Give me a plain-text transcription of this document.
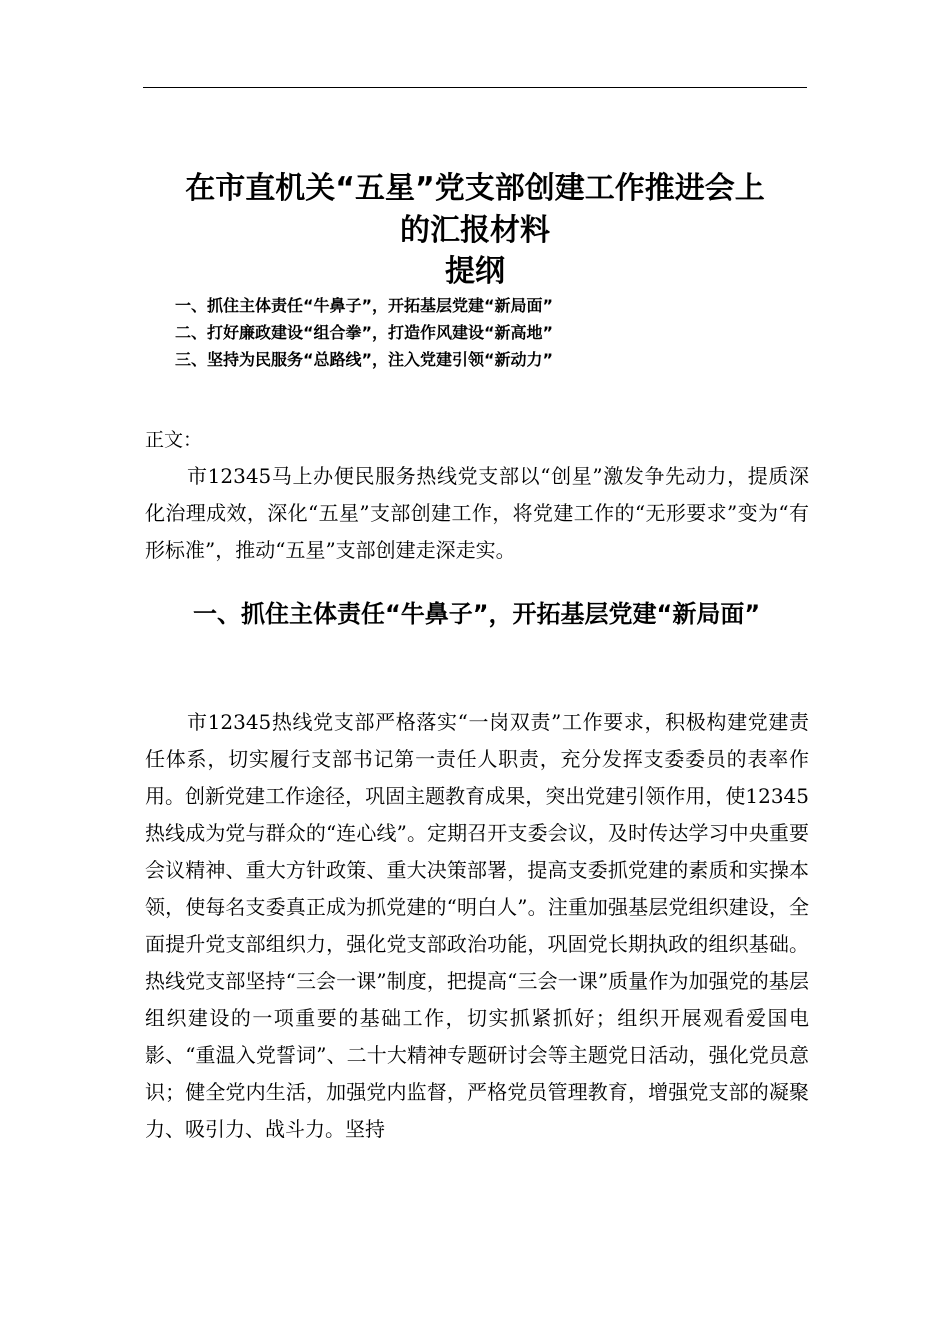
在市直机关“五星”党支部创建工作推进会上
的汇报材料
提纲
一、抓住主体责任“牛鼻子”，开拓基层党建“新局面”
二、打好廉政建设“组合拳”，打造作风建设“新高地”
三、坚持为民服务“总路线”，注入党建引领“新动力”

正文：

市12345马上办便民服务热线党支部以“创星”激发争先动力，提质深化治理成效，深化“五星”支部创建工作，将党建工作的“无形要求”变为“有形标准”，推动“五星”支部创建走深走实。

一、抓住主体责任“牛鼻子”，开拓基层党建“新局面”

市12345热线党支部严格落实“一岗双责”工作要求，积极构建党建责任体系，切实履行支部书记第一责任人职责，充分发挥支委委员的表率作用。创新党建工作途径，巩固主题教育成果，突出党建引领作用，使12345热线成为党与群众的“连心线”。定期召开支委会议，及时传达学习中央重要会议精神、重大方针政策、重大决策部署，提高支委抓党建的素质和实操本领，使每名支委真正成为抓党建的“明白人”。注重加强基层党组织建设，全面提升党支部组织力，强化党支部政治功能，巩固党长期执政的组织基础。热线党支部坚持“三会一课”制度，把提高“三会一课”质量作为加强党的基层组织建设的一项重要的基础工作，切实抓紧抓好；组织开展观看爱国电影、“重温入党誓词”、二十大精神专题研讨会等主题党日活动，强化党员意识；健全党内生活，加强党内监督，严格党员管理教育，增强党支部的凝聚力、吸引力、战斗力。坚持
